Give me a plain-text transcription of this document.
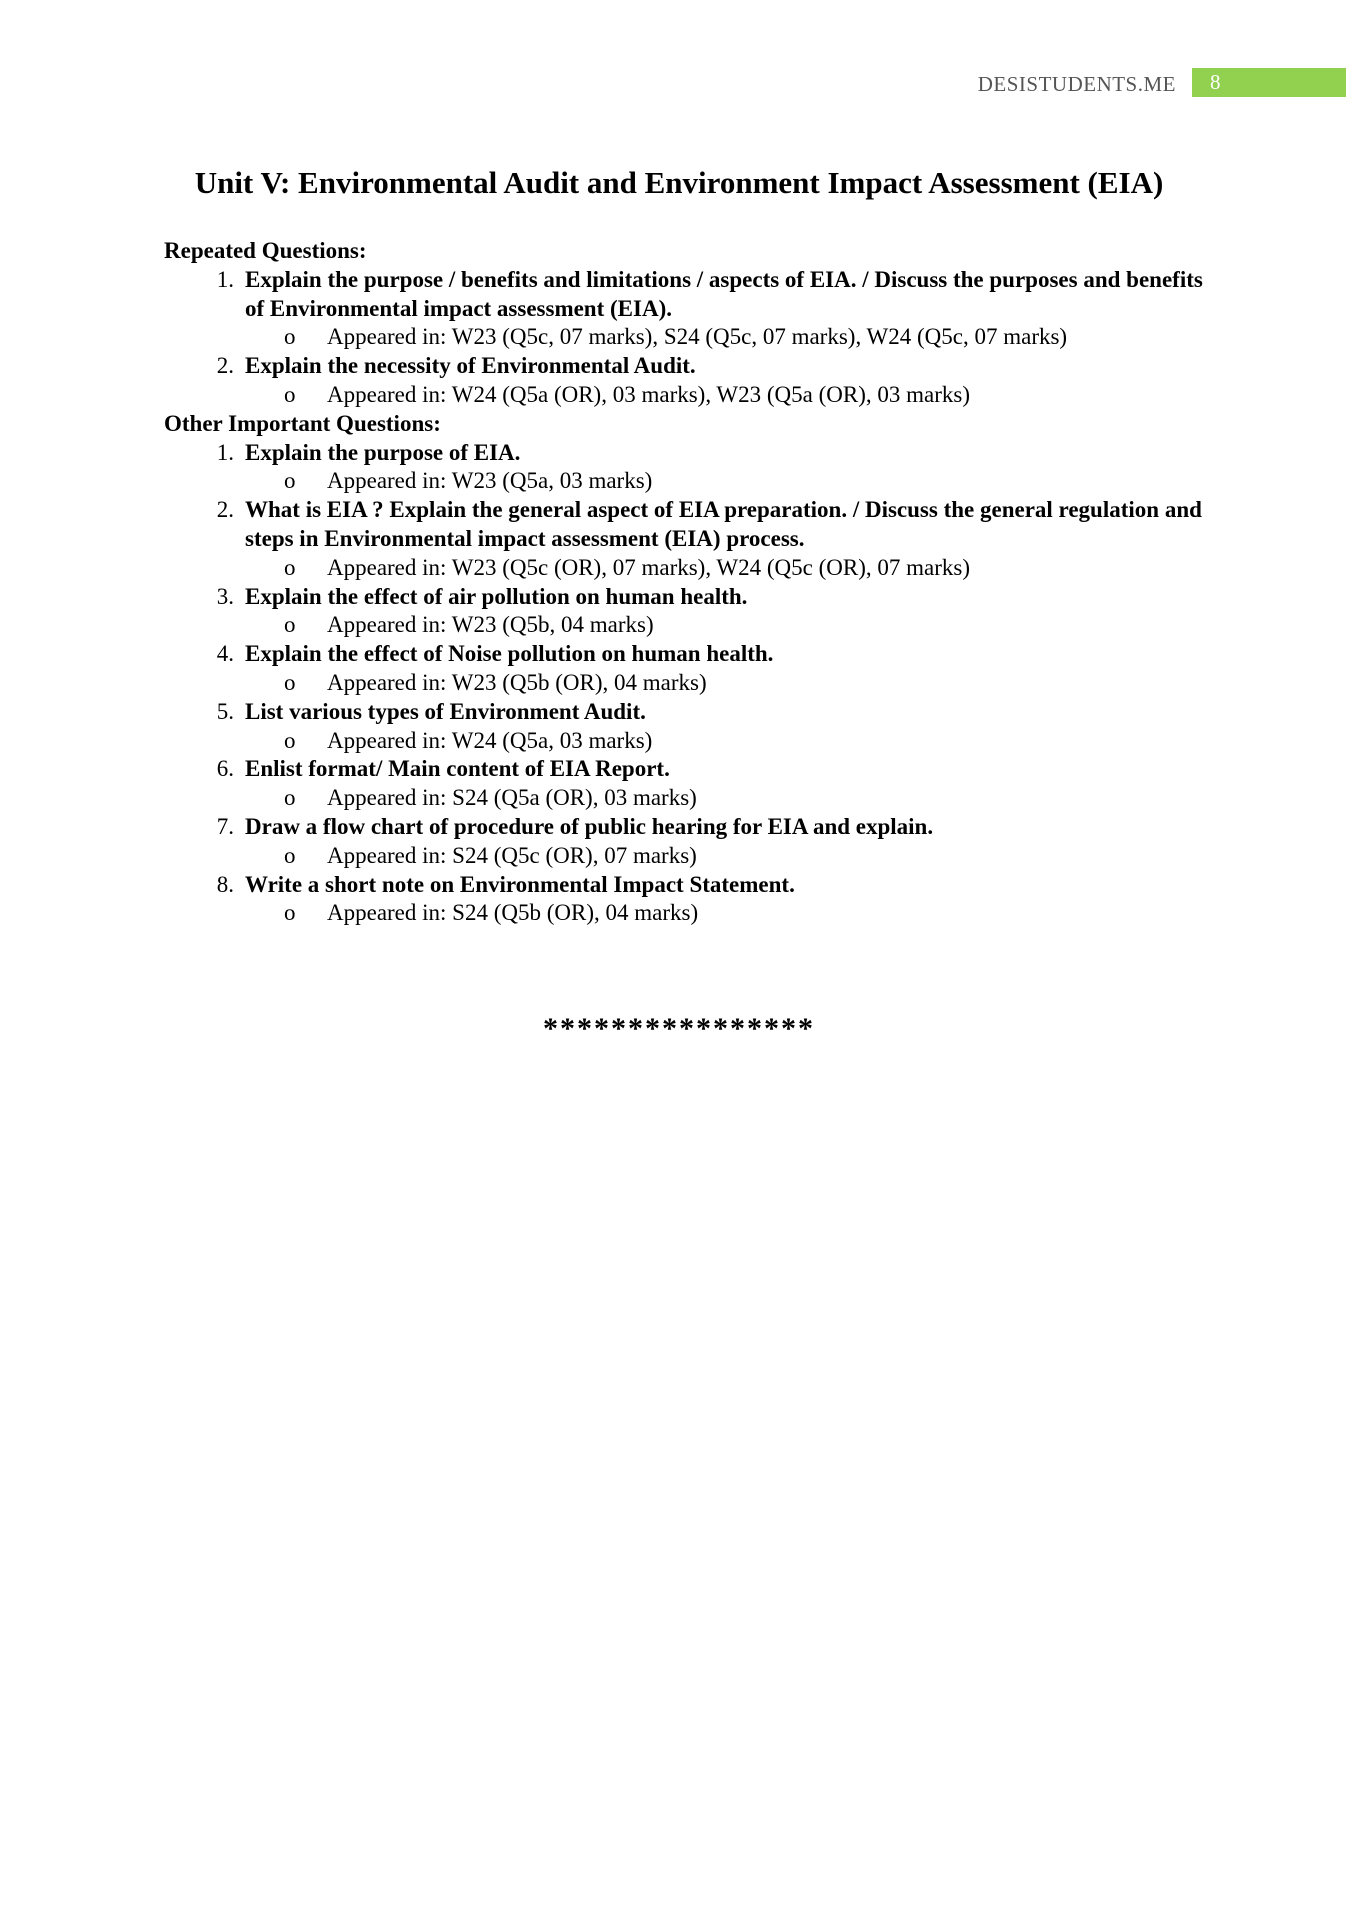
DESISTUDENTS.ME	8
Unit V: Environmental Audit and Environment Impact Assessment (EIA)
Repeated Questions:
1. Explain the purpose / benefits and limitations / aspects of EIA. / Discuss the purposes and benefits of Environmental impact assessment (EIA).
o Appeared in: W23 (Q5c, 07 marks), S24 (Q5c, 07 marks), W24 (Q5c, 07 marks)
2. Explain the necessity of Environmental Audit.
o Appeared in: W24 (Q5a (OR), 03 marks), W23 (Q5a (OR), 03 marks)
Other Important Questions:
1. Explain the purpose of EIA.
o Appeared in: W23 (Q5a, 03 marks)
2. What is EIA ? Explain the general aspect of EIA preparation. / Discuss the general regulation and steps in Environmental impact assessment (EIA) process.
o Appeared in: W23 (Q5c (OR), 07 marks), W24 (Q5c (OR), 07 marks)
3. Explain the effect of air pollution on human health.
o Appeared in: W23 (Q5b, 04 marks)
4. Explain the effect of Noise pollution on human health.
o Appeared in: W23 (Q5b (OR), 04 marks)
5. List various types of Environment Audit.
o Appeared in: W24 (Q5a, 03 marks)
6. Enlist format/ Main content of EIA Report.
o Appeared in: S24 (Q5a (OR), 03 marks)
7. Draw a flow chart of procedure of public hearing for EIA and explain.
o Appeared in: S24 (Q5c (OR), 07 marks)
8. Write a short note on Environmental Impact Statement.
o Appeared in: S24 (Q5b (OR), 04 marks)
****************
